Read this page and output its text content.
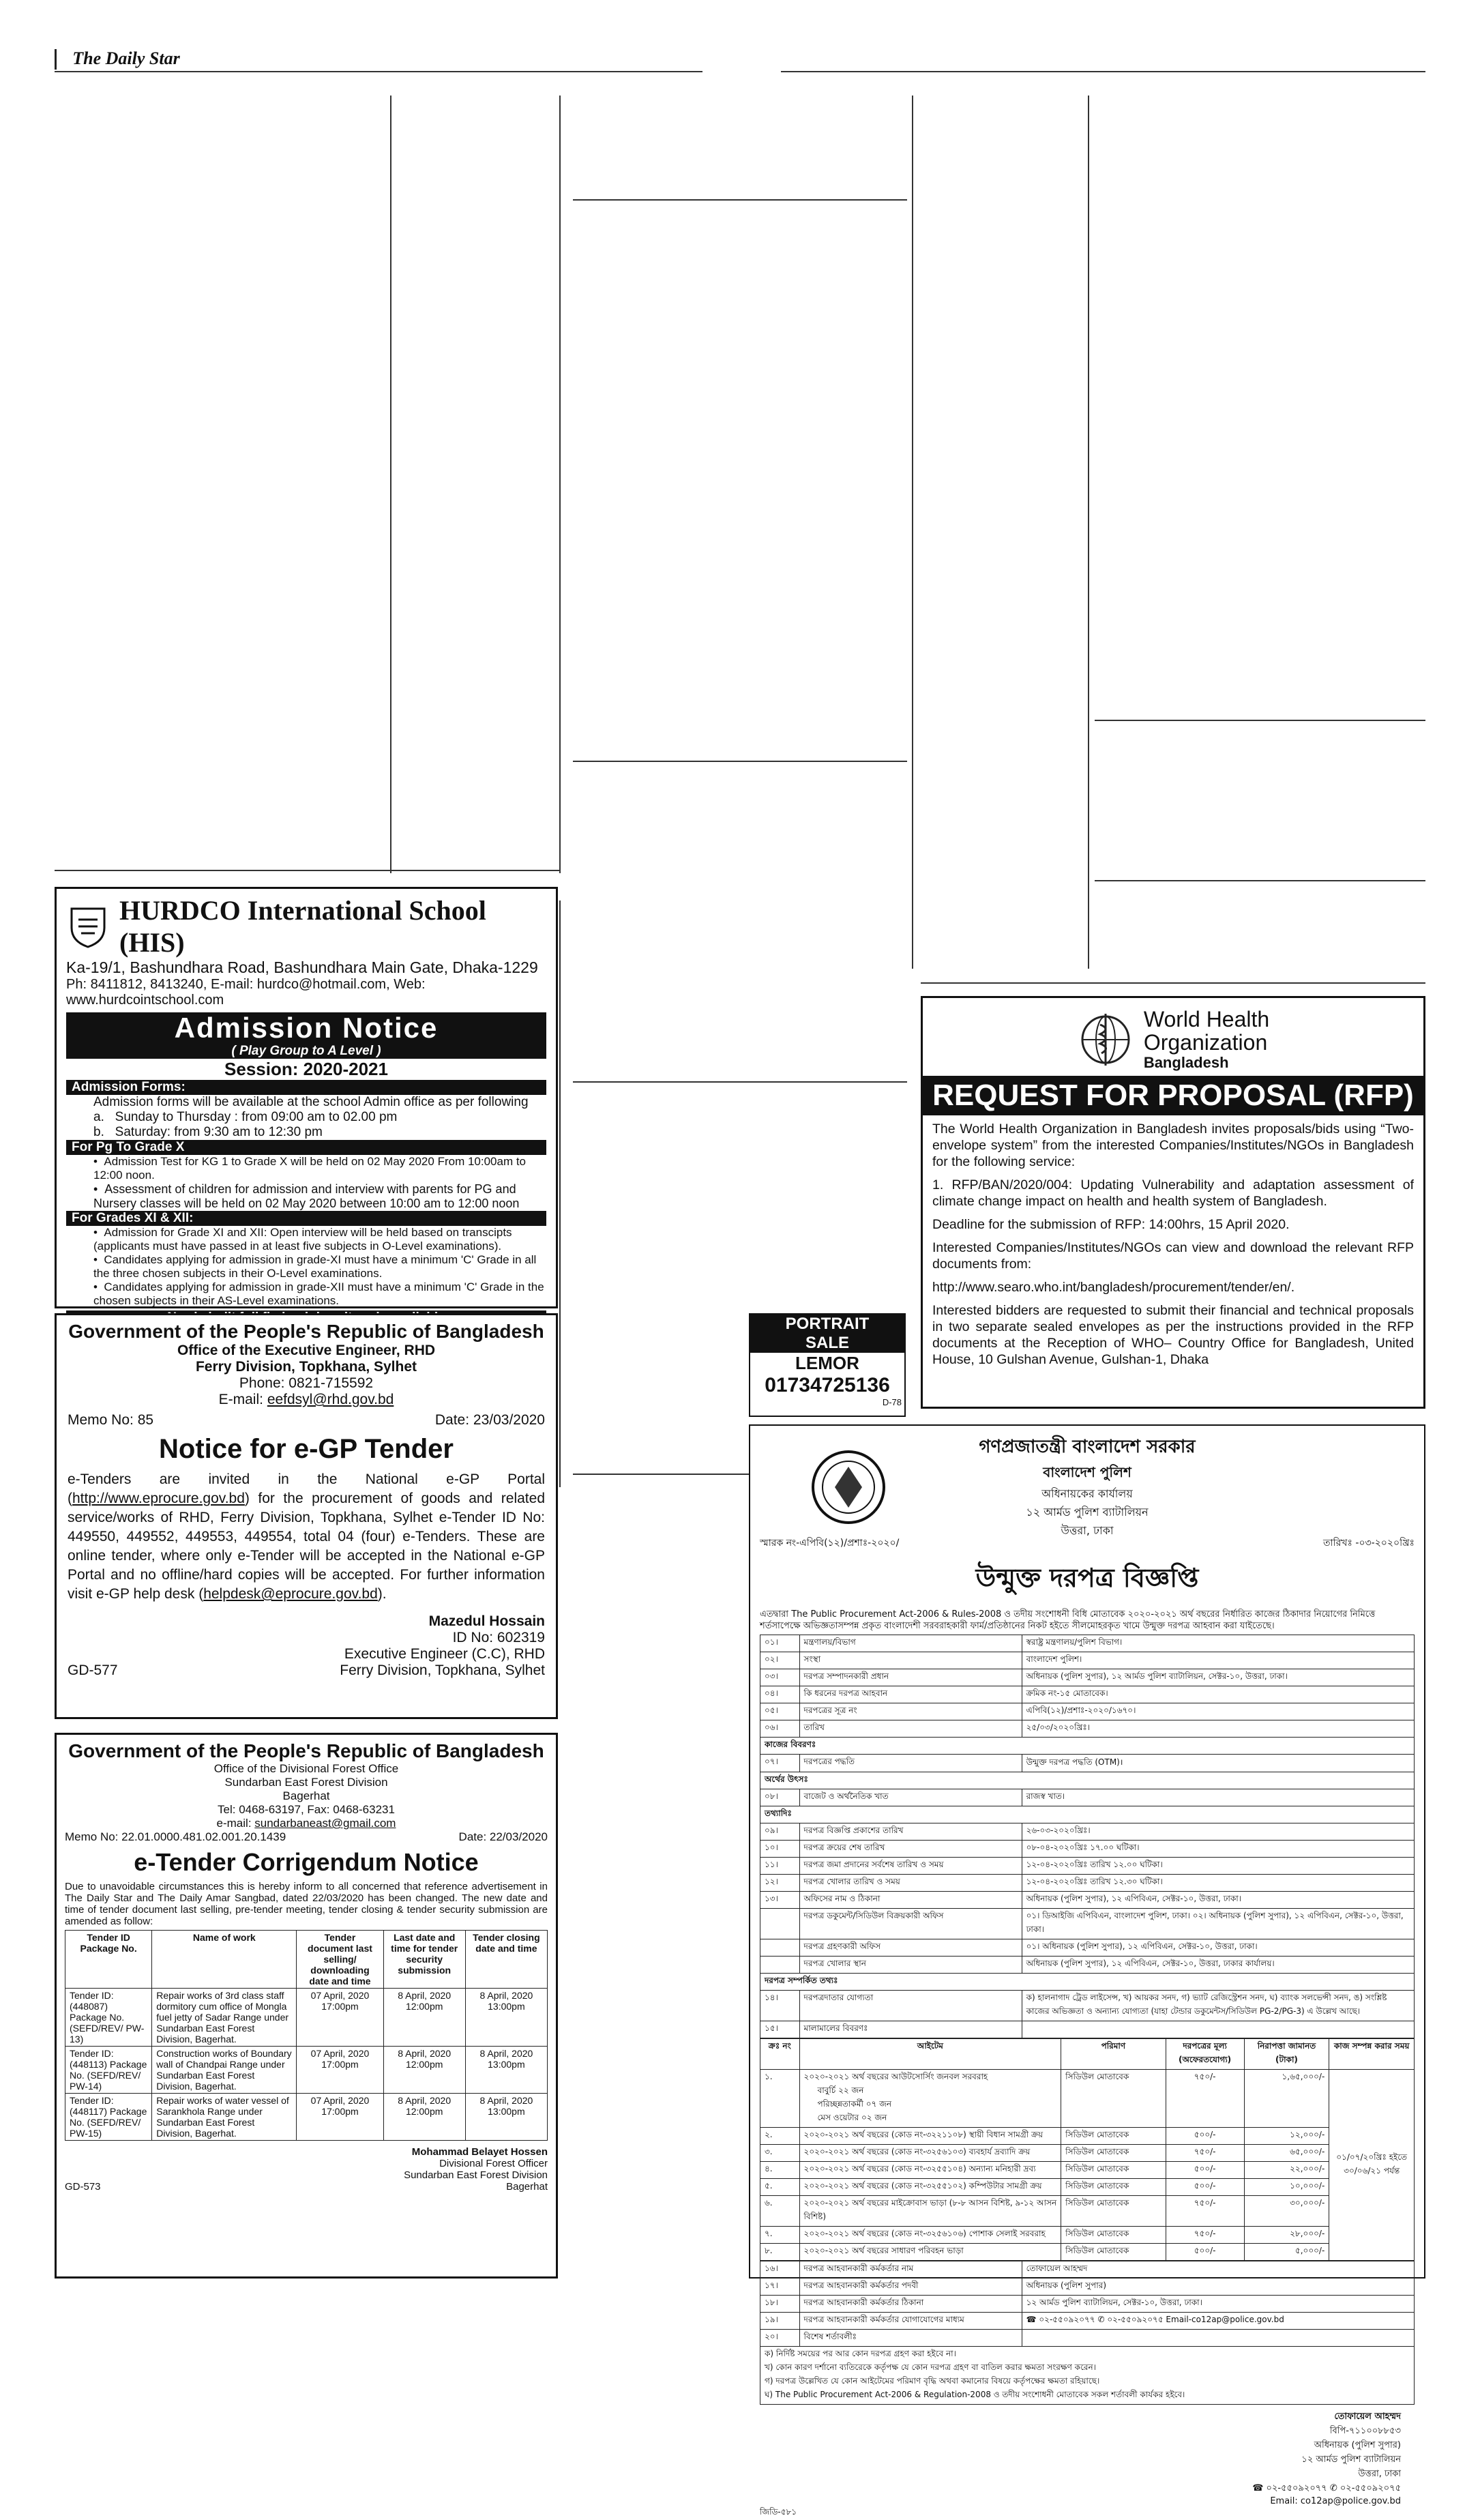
The Daily Star
HURDCO International School (HIS)
Ka-19/1, Bashundhara Road, Bashundhara Main Gate, Dhaka-1229
Ph: 8411812, 8413240, E-mail: hurdco@hotmail.com, Web: www.hurdcointschool.com
Admission Notice
( Play Group to A Level )
Session: 2020-2021
Admission Forms:
Admission forms will be available at the school Admin office as per following
a.   Sunday to Thursday : from 09:00 am to 02.00 pm
b.   Saturday: from 9:30 am to 12:30 pm
For Pg To Grade X
•  Admission Test for KG 1 to Grade X will be held on 02 May 2020 From 10:00am to 12:00 noon.
•  Assessment of children for admission and interview with parents for PG and Nursery classes will be held on 02 May 2020 between 10:00 am to 12:00 noon
For Grades XI & XII:
•  Admission for Grade XI and XII: Open interview will be held based on transcipts (applicants must have passed in at least five subjects in O-Level examinations).
•  Candidates applying for admission in grade-XI must have a minimum 'C' Grade in all the three chosen subjects in their O-Level examinations.
•  Candidates applying for admission in grade-XII must have a minimum 'C' Grade in the chosen subjects in their AS-Level examinations.
Government of the People's Republic of Bangladesh
Office of the Executive Engineer, RHD
Ferry Division, Topkhana, Sylhet
Phone: 0821-715592
E-mail: eefdsyl@rhd.gov.bd
Memo No: 85	Date: 23/03/2020
Notice for e-GP Tender
e-Tenders are invited in the National e-GP Portal (http://www.eprocure.gov.bd) for the procurement of goods and related service/works of RHD, Ferry Division, Topkhana, Sylhet e-Tender ID No: 449550, 449552, 449553, 449554, total 04 (four) e-Tenders. These are online tender, where only e-Tender will be accepted in the National e-GP Portal and no offline/hard copies will be accepted. For further information visit e-GP help desk (helpdesk@eprocure.gov.bd).
Mazedul Hossain
ID No: 602319
Executive Engineer (C.C), RHD
GD-577	Ferry Division, Topkhana, Sylhet
Government of the People's Republic of Bangladesh
Office of the Divisional Forest Office
Sundarban East Forest Division
Bagerhat
Tel: 0468-63197, Fax: 0468-63231
e-mail: sundarbaneast@gmail.com
Memo No: 22.01.0000.481.02.001.20.1439	Date: 22/03/2020
e-Tender Corrigendum Notice
Due to unavoidable circumstances this is hereby inform to all concerned that reference advertisement in The Daily Star and The Daily Amar Sangbad, dated 22/03/2020 has been changed. The new date and time of tender document last selling, pre-tender meeting, tender closing & tender security submission are amended as follow:
Tender ID Package No.	Name of work	Tender document last selling/ downloading date and time	Last date and time for tender security submission	Tender closing date and time
Tender ID: (448087) Package No. (SEFD/REV/ PW-13)	Repair works of 3rd class staff dormitory cum office of Mongla fuel jetty of Sadar Range under Sundarban East Forest Division, Bagerhat.	07 April, 2020 17:00pm	8 April, 2020 12:00pm	8 April, 2020 13:00pm
Tender ID: (448113) Package No. (SEFD/REV/ PW-14)	Construction works of Boundary wall of Chandpai Range under Sundarban East Forest Division, Bagerhat.	07 April, 2020 17:00pm	8 April, 2020 12:00pm	8 April, 2020 13:00pm
Tender ID: (448117) Package No. (SEFD/REV/ PW-15)	Repair works of water vessel of Sarankhola Range under Sundarban East Forest Division, Bagerhat.	07 April, 2020 17:00pm	8 April, 2020 12:00pm	8 April, 2020 13:00pm
Mohammad Belayet Hossen
Divisional Forest Officer
Sundarban East Forest Division
GD-573	Bagerhat
PORTRAIT
SALE
LEMOR
01734725136
D-78
World Health
Organization
Bangladesh
REQUEST FOR PROPOSAL (RFP)

The World Health Organization in Bangladesh invites proposals/bids using “Two-envelope system” from the interested Companies/Institutes/NGOs in Bangladesh for the following service:

1. RFP/BAN/2020/004: Updating Vulnerability and adaptation assessment of climate change impact on health and health system of Bangladesh.

Deadline for the submission of RFP: 14:00hrs, 15 April 2020.

Interested Companies/Institutes/NGOs can view and download the relevant RFP documents from:

http://www.searo.who.int/bangladesh/procurement/tender/en/.

Interested bidders are requested to submit their financial and technical proposals in two separate sealed envelopes as per the instructions provided in the RFP documents at the Reception of WHO– Country Office for Bangladesh, United House, 10 Gulshan Avenue, Gulshan-1, Dhaka

গণপ্রজাতন্ত্রী বাংলাদেশ সরকার
বাংলাদেশ পুলিশ
অধিনায়কের কার্যালয়
১২ আর্মড পুলিশ ব্যাটালিয়ন
উত্তরা, ঢাকা
স্মারক নং-এপিবি(১২)/প্রশাঃ-২০২০/	তারিখঃ -০৩-২০২০খ্রিঃ
উন্মুক্ত দরপত্র বিজ্ঞপ্তি
এতদ্বারা The Public Procurement Act-2006 & Rules-2008 ও তদীয় সংশোধনী বিধি মোতাবেক ২০২০-২০২১ অর্থ বছরের নির্ধারিত কাজের ঠিকাদার নিয়োগের নিমিত্তে শর্তসাপেক্ষে অভিজ্ঞতাসম্পন্ন প্রকৃত বাংলাদেশী সরবরাহকারী ফার্ম/প্রতিষ্ঠানের নিকট হইতে সীলমোহরকৃত খামে উন্মুক্ত দরপত্র আহবান করা যাইতেছে।
০১।	মন্ত্রণালয়/বিভাগ	স্বরাষ্ট্র মন্ত্রণালয়/পুলিশ বিভাগ।
০২।	সংস্থা	বাংলাদেশ পুলিশ।
০৩।	দরপত্র সম্পাদনকারী প্রধান	অধিনায়ক (পুলিশ সুপার), ১২ আর্মড পুলিশ ব্যাটালিয়ন, সেক্টর-১০, উত্তরা, ঢাকা।
০৪।	কি ধরনের দরপত্র আহবান	ক্রমিক নং-১৫ মোতাবেক।
০৫।	দরপত্রের সূত্র নং	এপিবি(১২)/প্রশাঃ-২০২০/১৬৭০।
০৬।	তারিখ	২৫/০৩/২০২০খ্রিঃ।
কাজের বিবরণঃ		
০৭।	দরপত্রের পদ্ধতি	উন্মুক্ত দরপত্র পদ্ধতি (OTM)।
অর্থের উৎসঃ		
০৮।	বাজেট ও অর্থনৈতিক খাত	রাজস্ব খাত।
তথ্যাদিঃ		
০৯।	দরপত্র বিজ্ঞপ্তি প্রকাশের তারিখ	২৬-০৩-২০২০খ্রিঃ।
১০।	দরপত্র ক্রয়ের শেষ তারিখ	০৮-০৪-২০২০খ্রিঃ ১৭.০০ ঘটিকা।
১১।	দরপত্র জমা প্রদানের সর্বশেষ তারিখ ও সময়	১২-০৪-২০২০খ্রিঃ তারিখ ১২.০০ ঘটিকা।
১২।	দরপত্র খোলার তারিখ ও সময়	১২-০৪-২০২০খ্রিঃ তারিখ ১২.৩০ ঘটিকা।
১৩।	অফিসের নাম ও ঠিকানা	অধিনায়ক (পুলিশ সুপার), ১২ এপিবিএন, সেক্টর-১০, উত্তরা, ঢাকা।
	দরপত্র ডকুমেন্ট/সিডিউল বিক্রয়কারী অফিস	০১। ডিআইজি এপিবিএন, বাংলাদেশ পুলিশ, ঢাকা। ০২। অধিনায়ক (পুলিশ সুপার), ১২ এপিবিএন, সেক্টর-১০, উত্তরা, ঢাকা।
	দরপত্র গ্রহণকারী অফিস	০১। অধিনায়ক (পুলিশ সুপার), ১২ এপিবিএন, সেক্টর-১০, উত্তরা, ঢাকা।
	দরপত্র খোলার স্থান	অধিনায়ক (পুলিশ সুপার), ১২ এপিবিএন, সেক্টর-১০, উত্তরা, ঢাকার কার্যালয়।
দরপত্র সম্পর্কিত তথ্যঃ		
১৪।	দরপত্রদাতার যোগ্যতা	ক) হালনাগাদ ট্রেড লাইসেন্স, খ) আয়কর সনদ, গ) ভ্যাট রেজিস্ট্রেশন সনদ, ঘ) ব্যাংক সলভেন্সী সনদ, ঙ) সংশ্লিষ্ট কাজের অভিজ্ঞতা ও অন্যান্য যোগ্যতা (যাহা টেন্ডার ডকুমেন্টস/সিডিউল PG-2/PG-3) এ উল্লেখ আছে।
১৫।	মালামালের বিবরণঃ	
ক্রঃ নং	আইটেম	পরিমাণ	দরপত্রের মূল্য (অফেরতযোগ্য)	নিরাপত্তা জামানত (টাকা)	কাজ সম্পন্ন করার সময়
১.	২০২০-২০২১ অর্থ বছরের আউটসোর্সিং জনবল সরবরাহ
বাবুর্চি ২২ জন
পরিচ্ছন্নতাকর্মী ০৭ জন
মেস ওয়েটার ০২ জন	সিডিউল মোতাবেক	৭৫০/-	১,৬৫,০০০/-	০১/০৭/২০খ্রিঃ হইতে ৩০/০৬/২১ পর্যন্ত
২.	২০২০-২০২১ অর্থ বছরের (কোড নং-৩২২১১০৮) স্থায়ী বিধান সামগ্রী ক্রয়	সিডিউল মোতাবেক	৫০০/-	১২,০০০/-	
৩.	২০২০-২০২১ অর্থ বছরের (কোড নং-৩২৫৬১০৩) ব্যবহার্য দ্রব্যাদি ক্রয়	সিডিউল মোতাবেক	৭৫০/-	৬৫,০০০/-	
৪.	২০২০-২০২১ অর্থ বছরের (কোড নং-৩২৫৫১০৪) অন্যান্য মনিহারী দ্রব্য	সিডিউল মোতাবেক	৫০০/-	২২,০০০/-	
৫.	২০২০-২০২১ অর্থ বছরের (কোড নং-৩২৫৫১০২) কম্পিউটার সামগ্রী ক্রয়	সিডিউল মোতাবেক	৫০০/-	১০,০০০/-	
৬.	২০২০-২০২১ অর্থ বছরের মাইক্রোবাস ভাড়া (৮-৮ আসন বিশিষ্ট, ৯-১২ আসন বিশিষ্ট)	সিডিউল মোতাবেক	৭৫০/-	৩০,০০০/-	
৭.	২০২০-২০২১ অর্থ বছরের (কোড নং-৩২৫৬১০৬) পোশাক সেলাই সরবরাহ	সিডিউল মোতাবেক	৭৫০/-	২৮,০০০/-	
৮.	২০২০-২০২১ অর্থ বছরের সাধারণ পরিবহন ভাড়া	সিডিউল মোতাবেক	৫০০/-	৫,০০০/-	
১৬।	দরপত্র আহবানকারী কর্মকর্তার নাম	তোফায়েল আহম্মদ
১৭।	দরপত্র আহবানকারী কর্মকর্তার পদবী	অধিনায়ক (পুলিশ সুপার)
১৮।	দরপত্র আহবানকারী কর্মকর্তার ঠিকানা	১২ আর্মড পুলিশ ব্যাটালিয়ন, সেক্টর-১০, উত্তরা, ঢাকা।
১৯।	দরপত্র আহবানকারী কর্মকর্তার যোগাযোগের মাধ্যম	☎ ০২-৫৫০৯২০৭৭ ✆ ০২-৫৫০৯২০৭৫ Email-co12ap@police.gov.bd
২০।	বিশেষ শর্তাবলীঃ	
ক) নির্দিষ্ট সময়ের পর আর কোন দরপত্র গ্রহণ করা হইবে না।
খ) কোন কারণ দর্শানো ব্যতিরেকে কর্তৃপক্ষ যে কোন দরপত্র গ্রহণ বা বাতিল করার ক্ষমতা সংরক্ষণ করেন।
গ) দরপত্র উল্লেখিত যে কোন আইটেমের পরিমাণ বৃদ্ধি অথবা কমানোর বিষয়ে কর্তৃপক্ষের ক্ষমতা রহিয়াছে।
ঘ) The Public Procurement Act-2006 & Regulation-2008 ও তদীয় সংশোধনী মোতাবেক সকল শর্তাবলী কার্যকর হইবে।
তোফায়েল আহম্মদ
বিপি-৭১১০০৮৮৫৩
অধিনায়ক (পুলিশ সুপার)
১২ আর্মড পুলিশ ব্যাটালিয়ন
উত্তরা, ঢাকা
☎ ০২-৫৫০৯২০৭৭ ✆ ০২-৫৫০৯২০৭৫
Email: co12ap@police.gov.bd
জিডি-৫৮১
